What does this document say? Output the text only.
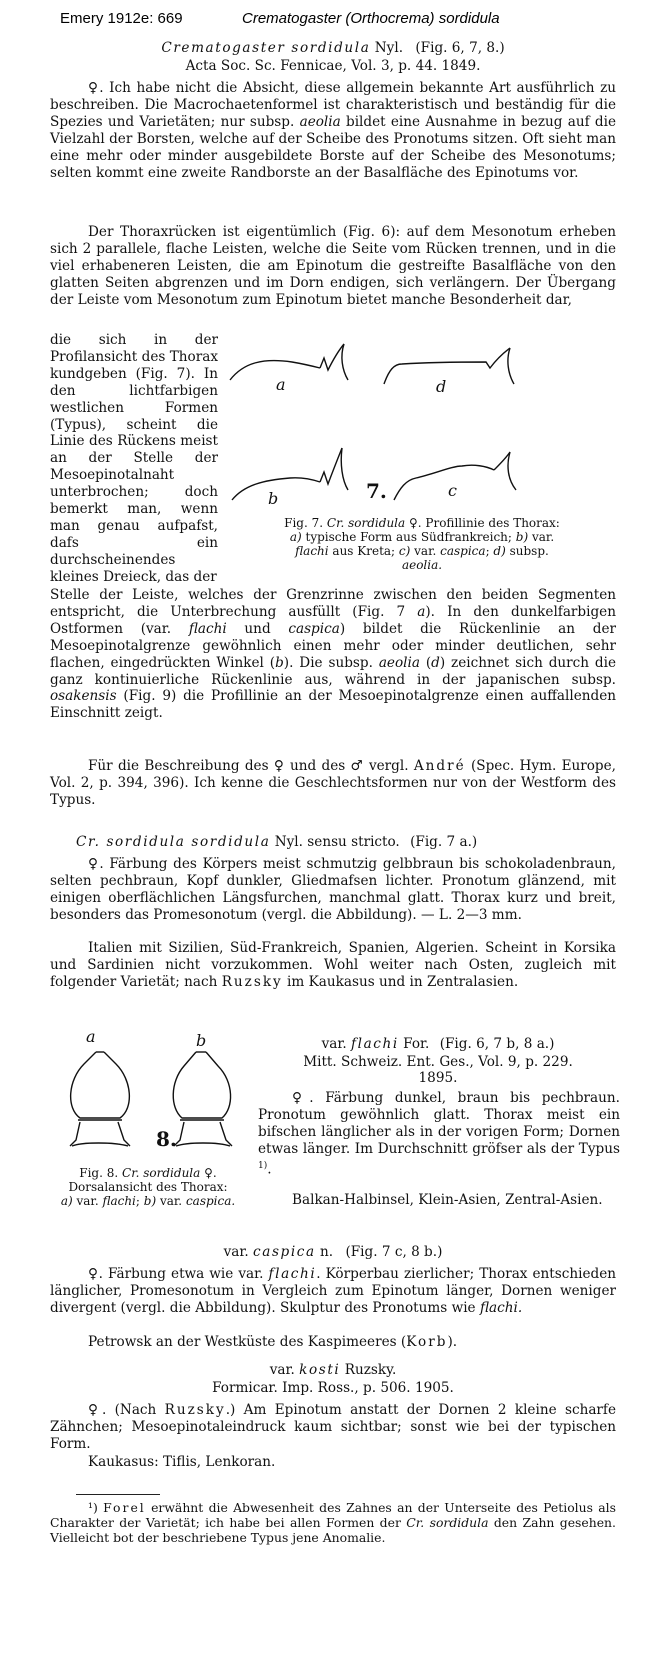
Emery 1912e: 669	Crematogaster (Orthocrema) sordidula
Crematogaster sordidula Nyl. (Fig. 6, 7, 8.)
Acta Soc. Sc. Fennicae, Vol. 3, p. 44. 1849.
♀. Ich habe nicht die Absicht, diese allgemein bekannte Art ausführlich zu beschreiben. Die Macrochaetenformel ist charakteristisch und beständig für die Spezies und Varietäten; nur subsp. aeolia bildet eine Ausnahme in bezug auf die Vielzahl der Borsten, welche auf der Scheibe des Pronotums sitzen. Oft sieht man eine mehr oder minder ausgebildete Borste auf der Scheibe des Mesonotums; selten kommt eine zweite Randborste an der Basalfläche des Epinotums vor.
Der Thoraxrücken ist eigentümlich (Fig. 6): auf dem Mesonotum erheben sich 2 parallele, flache Leisten, welche die Seite vom Rücken trennen, und in die viel erhabeneren Leisten, die am Epinotum die gestreifte Basalfläche von den glatten Seiten abgrenzen und im Dorn endigen, sich verlängern. Der Übergang der Leiste vom Mesonotum zum Epinotum bietet manche Besonderheit dar,
die sich in der Profilansicht des Thorax kundgeben (Fig. 7). In den lichtfarbigen westlichen Formen (Typus), scheint die Linie des Rückens meist an der Stelle der Mesoepinotalnaht unterbrochen; doch bemerkt man, wenn man genau aufpafst, dafs ein durchscheinendes kleines Dreieck, das der
a	d
b	c
7.
Fig. 7. Cr. sordidula ♀. Profillinie des Thorax:
a) typische Form aus Südfrankreich; b) var.
flachi aus Kreta; c) var. caspica; d) subsp.
aeolia.
Stelle der Leiste, welches der Grenzrinne zwischen den beiden Segmenten entspricht, die Unterbrechung ausfüllt (Fig. 7 a). In den dunkelfarbigen Ostformen (var. flachi und caspica) bildet die Rückenlinie an der Mesoepinotalgrenze gewöhnlich einen mehr oder minder deutlichen, sehr flachen, eingedrückten Winkel (b). Die subsp. aeolia (d) zeichnet sich durch die ganz kontinuierliche Rückenlinie aus, während in der japanischen subsp. osakensis (Fig. 9) die Profillinie an der Mesoepinotalgrenze einen auffallenden Einschnitt zeigt.
Für die Beschreibung des ♀ und des ♂ vergl. André (Spec. Hym. Europe, Vol. 2, p. 394, 396). Ich kenne die Geschlechtsformen nur von der Westform des Typus.
Cr. sordidula sordidula Nyl. sensu stricto. (Fig. 7 a.)
♀. Färbung des Körpers meist schmutzig gelbbraun bis schokoladenbraun, selten pechbraun, Kopf dunkler, Gliedmafsen lichter. Pronotum glänzend, mit einigen oberflächlichen Längsfurchen, manchmal glatt. Thorax kurz und breit, besonders das Promesonotum (vergl. die Abbildung). — L. 2—3 mm.
Italien mit Sizilien, Süd-Frankreich, Spanien, Algerien. Scheint in Korsika und Sardinien nicht vorzukommen. Wohl weiter nach Osten, zugleich mit folgender Varietät; nach Ruzsky im Kaukasus und in Zentralasien.
a	b
8.
Fig. 8. Cr. sordidula ♀.
Dorsalansicht des Thorax:
a) var. flachi; b) var. caspica.
var. flachi For. (Fig. 6, 7 b, 8 a.)
Mitt. Schweiz. Ent. Ges., Vol. 9, p. 229.
1895.
♀. Färbung dunkel, braun bis pechbraun. Pronotum gewöhnlich glatt. Thorax meist ein bifschen länglicher als in der vorigen Form; Dornen etwas länger. Im Durchschnitt gröfser als der Typus $^{1)}$.
Balkan-Halbinsel, Klein-Asien, Zentral-Asien.
var. caspica n. (Fig. 7 c, 8 b.)
♀. Färbung etwa wie var. flachi. Körperbau zierlicher; Thorax entschieden länglicher, Promesonotum in Vergleich zum Epinotum länger, Dornen weniger divergent (vergl. die Abbildung). Skulptur des Pronotums wie flachi.
Petrowsk an der Westküste des Kaspimeeres (Korb).
var. kosti Ruzsky.
Formicar. Imp. Ross., p. 506. 1905.
♀. (Nach Ruzsky.) Am Epinotum anstatt der Dornen 2 kleine scharfe Zähnchen; Mesoepinotaleindruck kaum sichtbar; sonst wie bei der typischen Form.
Kaukasus: Tiflis, Lenkoran.
¹) Forel erwähnt die Abwesenheit des Zahnes an der Unterseite des Petiolus als Charakter der Varietät; ich habe bei allen Formen der Cr. sordidula den Zahn gesehen. Vielleicht bot der beschriebene Typus jene Anomalie.
